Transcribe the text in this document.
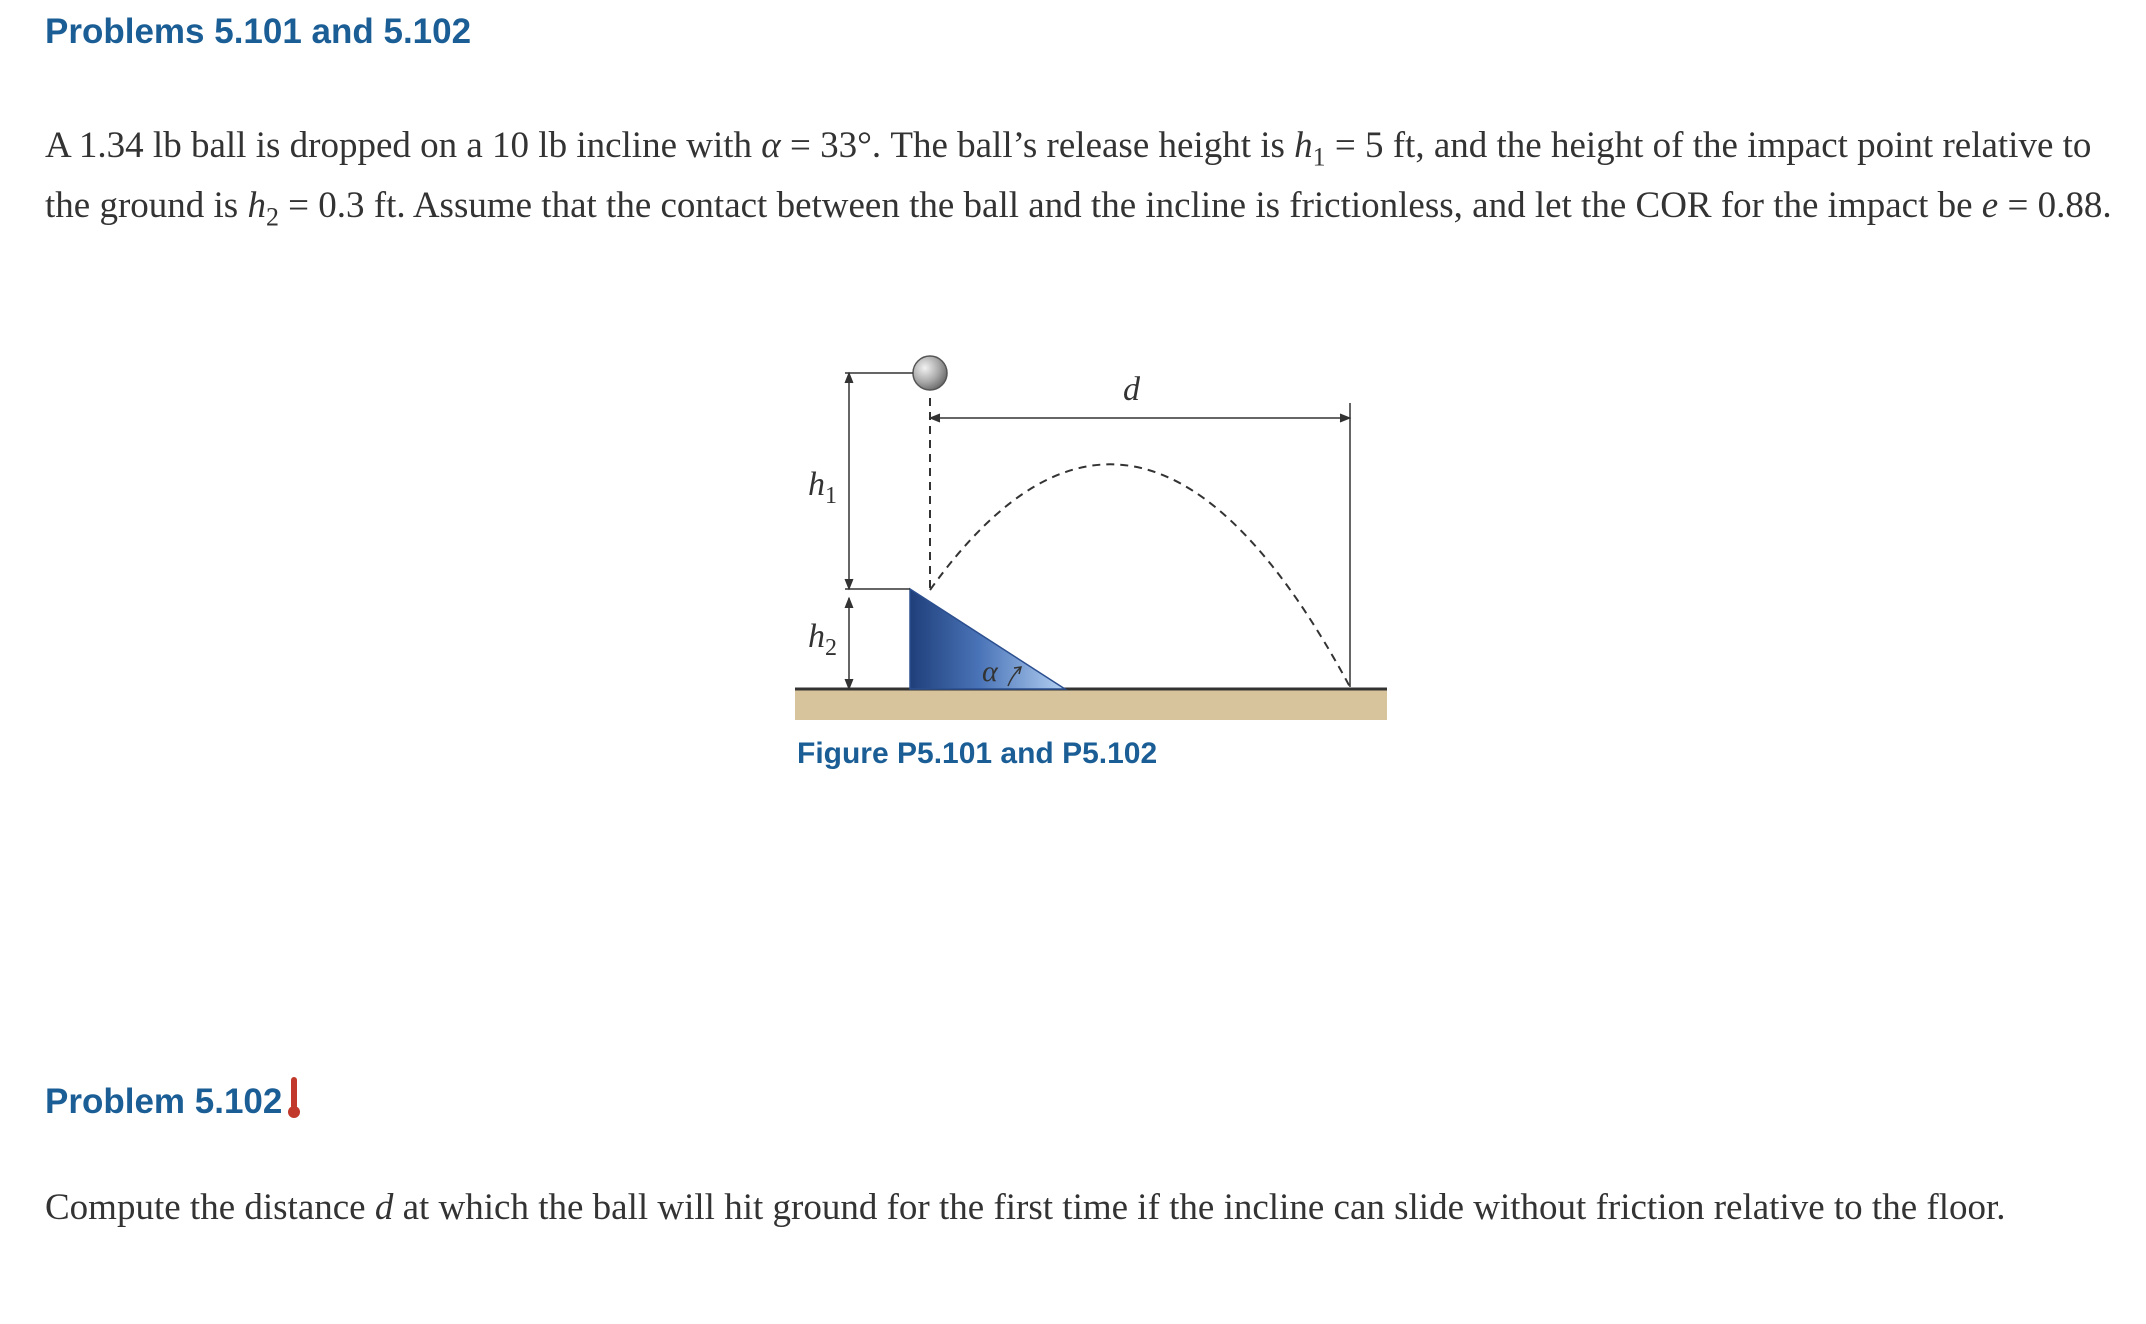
Problems 5.101 and 5.102

A 1.34 lb ball is dropped on a 10 lb incline with α = 33°. The ball’s release height is $h_1 = 5$ ft, and the height of the impact point relative to the ground is $h_2 = 0.3$ ft. Assume that the contact between the ball and the incline is frictionless, and let the COR for the impact be e = 0.88.

α
$h_1$
$h_2$
d

Figure P5.101 and P5.102

Problem 5.102

Compute the distance d at which the ball will hit ground for the first time if the incline can slide without friction relative to the floor.
